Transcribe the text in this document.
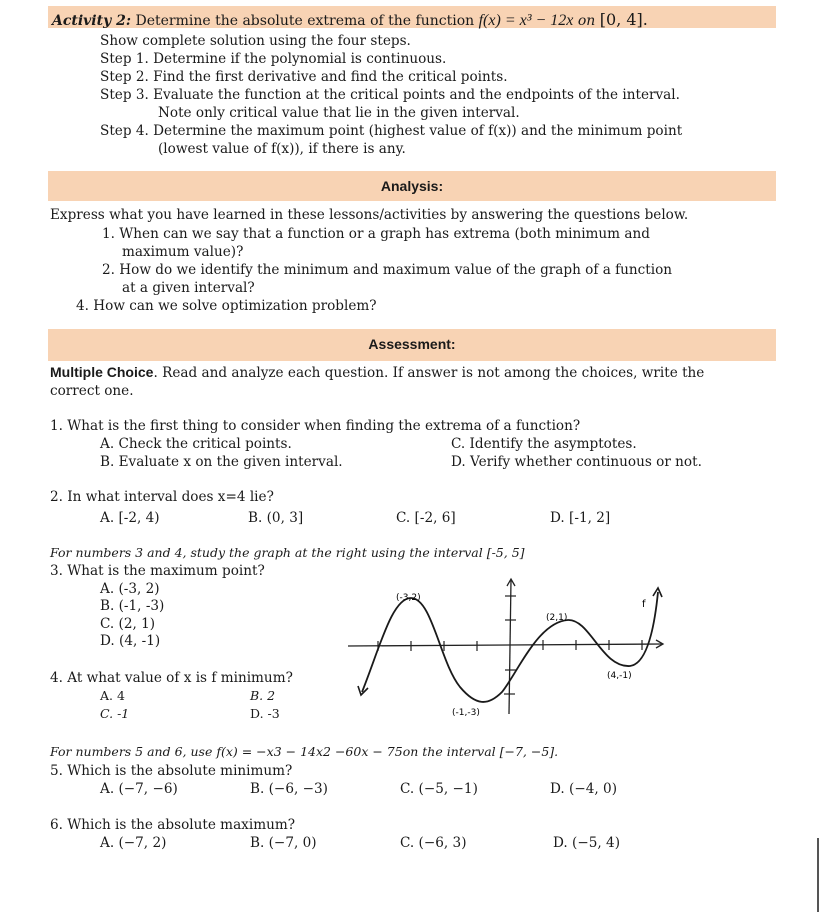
Activity 2: Determine the absolute extrema of the function f(x) = x³ − 12x on [0, 4].
Show complete solution using the four steps.
Step 1. Determine if the polynomial is continuous.
Step 2. Find the first derivative and find the critical points.
Step 3. Evaluate the function at the critical points and the endpoints of the interval.
Note only critical value that lie in the given interval.
Step 4. Determine the maximum point (highest value of f(x)) and the minimum point
(lowest value of f(x)), if there is any.
Analysis:
Express what you have learned in these lessons/activities by answering the questions below.
1. When can we say that a function or a graph has extrema (both minimum and
maximum value)?
2. How do we identify the minimum and maximum value of the graph of a function
at a given interval?
4. How can we solve optimization problem?
Assessment:
Multiple Choice. Read and analyze each question. If answer is not among the choices, write the
correct one.
1. What is the first thing to consider when finding the extrema of a function?
A. Check the critical points.
B. Evaluate x on the given interval.
C. Identify the asymptotes.
D. Verify whether continuous or not.
2. In what interval does x=4 lie?
A. [-2, 4)	B. (0, 3]	C. [-2, 6]	D. [-1, 2]
For numbers 3 and 4, study the graph at the right using the interval [-5, 5]
3. What is the maximum point?
A. (-3, 2)
B. (-1, -3)
C. (2, 1)
D. (4, -1)
4. At what value of x is f minimum?
A. 4	B. 2
C. -1	D. -3
(-3,2)
(2,1)
f
(4,-1)
(-1,-3)
For numbers 5 and 6, use f(x) = −x3 − 14x2 −60x − 75on the interval [−7, −5].
5. Which is the absolute minimum?
A. (−7, −6)	B. (−6, −3)	C. (−5, −1)	D. (−4, 0)
6. Which is the absolute maximum?
A. (−7, 2)	B. (−7, 0)	C. (−6, 3)	D. (−5, 4)
